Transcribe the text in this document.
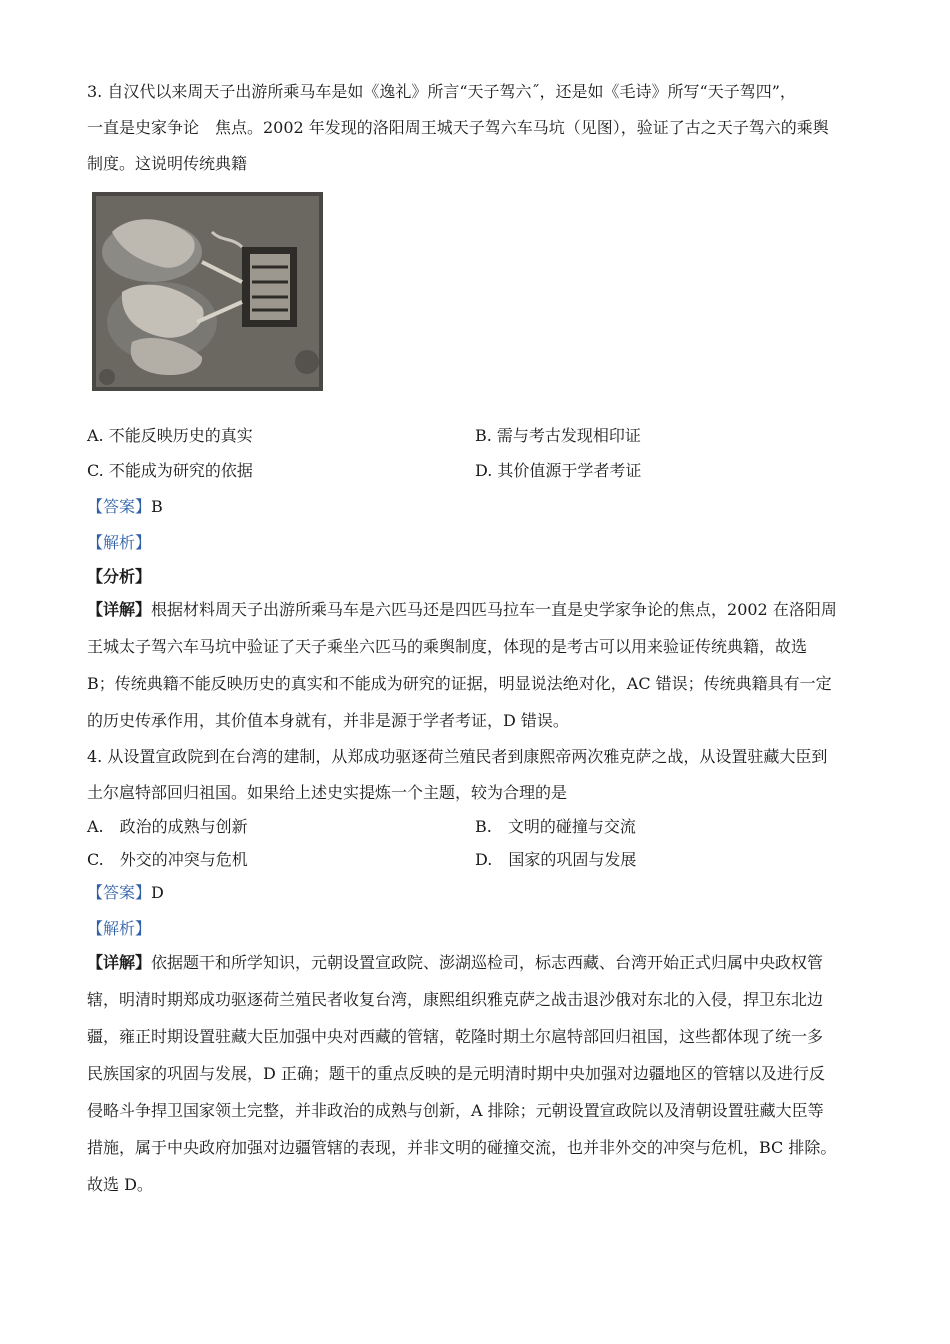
3. 自汉代以来周天子出游所乘马车是如《逸礼》所言“天子驾六˝，还是如《毛诗》所写“天子驾四”，
一直是史家争论　焦点。2002 年发现的洛阳周王城天子驾六车马坑（见图），验证了古之天子驾六的乘舆
制度。这说明传统典籍
A. 不能反映历史的真实	B. 需与考古发现相印证
C. 不能成为研究的依据	D. 其价值源于学者考证
【答案】B
【解析】
【分析】
【详解】根据材料周天子出游所乘马车是六匹马还是四匹马拉车一直是史学家争论的焦点，2002 在洛阳周
王城太子驾六车马坑中验证了天子乘坐六匹马的乘舆制度，体现的是考古可以用来验证传统典籍，故选
B；传统典籍不能反映历史的真实和不能成为研究的证据，明显说法绝对化，AC 错误；传统典籍具有一定
的历史传承作用，其价值本身就有，并非是源于学者考证，D 错误。
4. 从设置宣政院到在台湾的建制，从郑成功驱逐荷兰殖民者到康熙帝两次雅克萨之战，从设置驻藏大臣到
土尔扈特部回归祖国。如果给上述史实提炼一个主题，较为合理的是
A.　政治的成熟与创新	B.　文明的碰撞与交流
C.　外交的冲突与危机	D.　国家的巩固与发展
【答案】D
【解析】
【详解】依据题干和所学知识，元朝设置宣政院、澎湖巡检司，标志西藏、台湾开始正式归属中央政权管
辖，明清时期郑成功驱逐荷兰殖民者收复台湾，康熙组织雅克萨之战击退沙俄对东北的入侵，捍卫东北边
疆，雍正时期设置驻藏大臣加强中央对西藏的管辖，乾隆时期土尔扈特部回归祖国，这些都体现了统一多
民族国家的巩固与发展，D 正确；题干的重点反映的是元明清时期中央加强对边疆地区的管辖以及进行反
侵略斗争捍卫国家领土完整，并非政治的成熟与创新，A 排除；元朝设置宣政院以及清朝设置驻藏大臣等
措施，属于中央政府加强对边疆管辖的表现，并非文明的碰撞交流，也并非外交的冲突与危机，BC 排除。
故选 D。
